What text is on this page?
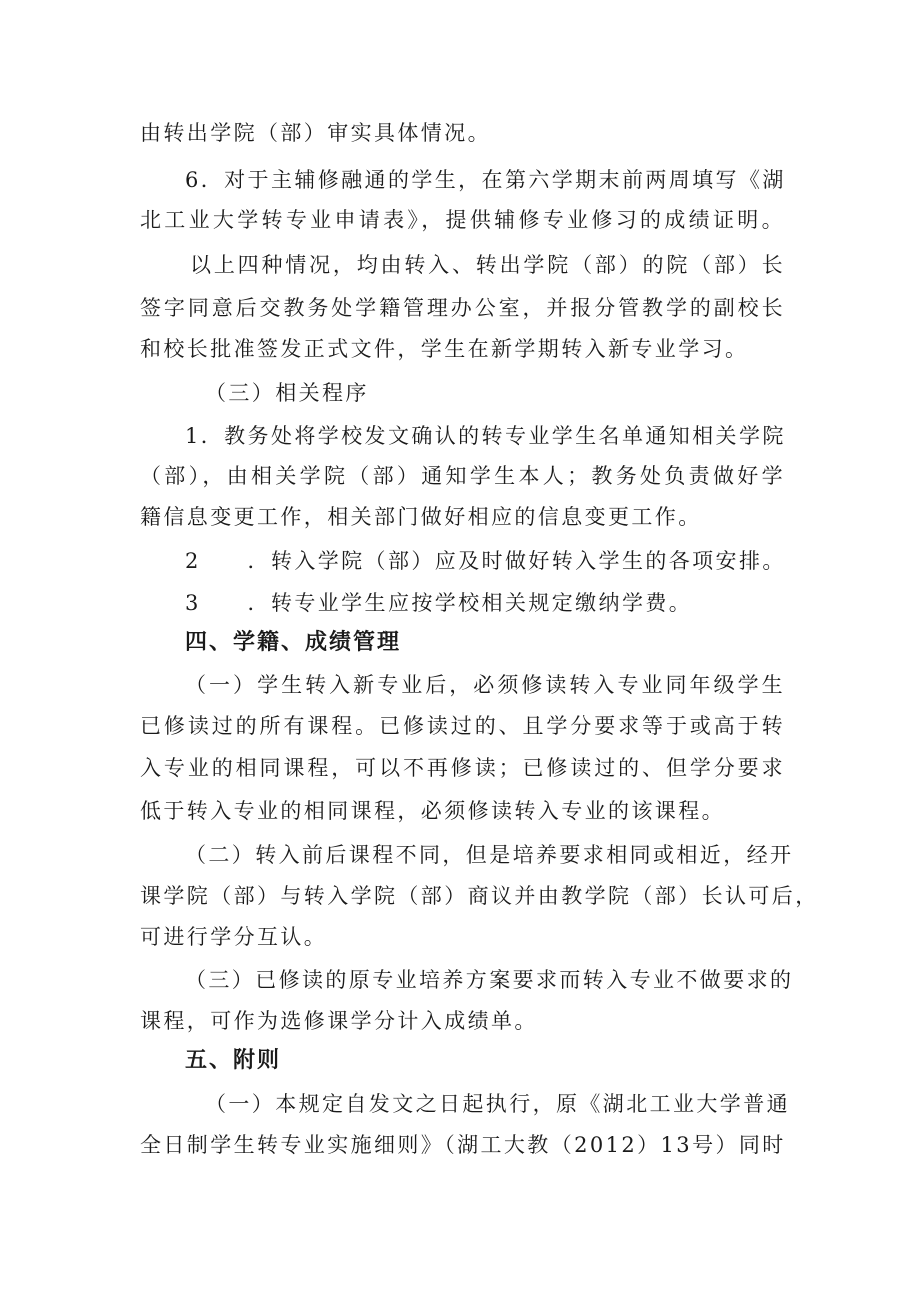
由转出学院（部）审实具体情况。
6．对于主辅修融通的学生，在第六学期末前两周填写《湖
北工业大学转专业申请表》，提供辅修专业修习的成绩证明。
以上四种情况，均由转入、转出学院（部）的院（部）长
签字同意后交教务处学籍管理办公室，并报分管教学的副校长
和校长批准签发正式文件，学生在新学期转入新专业学习。
（三）相关程序
1．教务处将学校发文确认的转专业学生名单通知相关学院
（部），由相关学院（部）通知学生本人；教务处负责做好学
籍信息变更工作，相关部门做好相应的信息变更工作。
2　　．转入学院（部）应及时做好转入学生的各项安排。
3　　．转专业学生应按学校相关规定缴纳学费。
四、学籍、成绩管理
（一）学生转入新专业后，必须修读转入专业同年级学生
已修读过的所有课程。已修读过的、且学分要求等于或高于转
入专业的相同课程，可以不再修读；已修读过的、但学分要求
低于转入专业的相同课程，必须修读转入专业的该课程。
（二）转入前后课程不同，但是培养要求相同或相近，经开
课学院（部）与转入学院（部）商议并由教学院（部）长认可后，
可进行学分互认。
（三）已修读的原专业培养方案要求而转入专业不做要求的
课程，可作为选修课学分计入成绩单。
五、附则
（一）本规定自发文之日起执行，原《湖北工业大学普通
全日制学生转专业实施细则》（湖工大教（2012）13号）同时
